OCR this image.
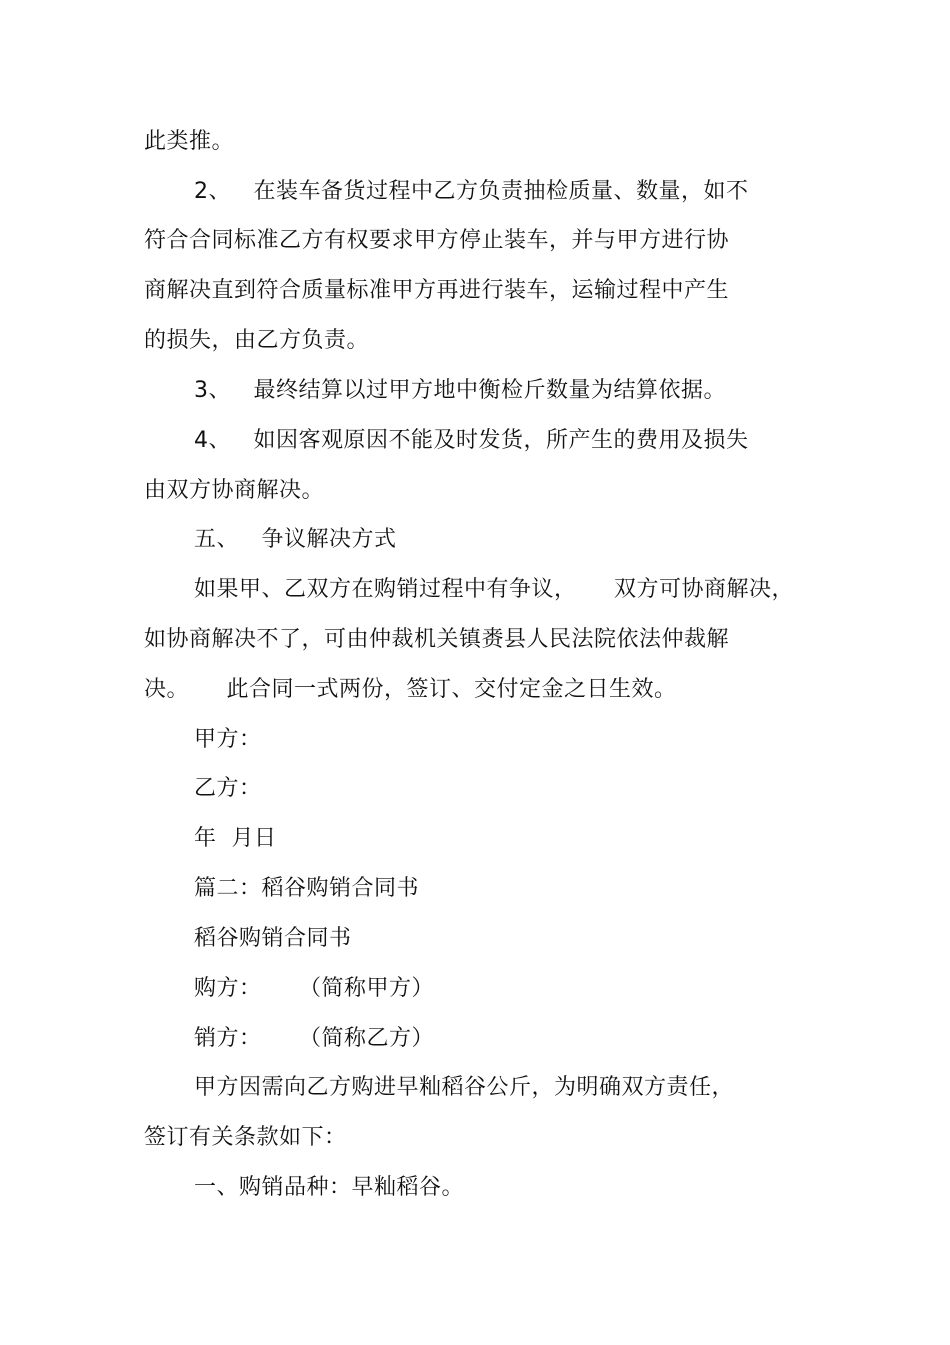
此类推。
2、   在装车备货过程中乙方负责抽检质量、数量，如不
符合合同标准乙方有权要求甲方停止装车，并与甲方进行协
商解决直到符合质量标准甲方再进行装车，运输过程中产生
的损失，由乙方负责。
3、   最终结算以过甲方地中衡检斤数量为结算依据。
4、   如因客观原因不能及时发货，所产生的费用及损失
由双方协商解决。
五、   争议解决方式
如果甲、乙双方在购销过程中有争议，     双方可协商解决，
如协商解决不了，可由仲裁机关镇赉县人民法院依法仲裁解
决。     此合同一式两份，签订、交付定金之日生效。
甲方：
乙方：
年  月日
篇二：稻谷购销合同书
稻谷购销合同书
购方：     （简称甲方）
销方：     （简称乙方）
甲方因需向乙方购进早籼稻谷公斤，为明确双方责任，
签订有关条款如下：
一、购销品种：早籼稻谷。
